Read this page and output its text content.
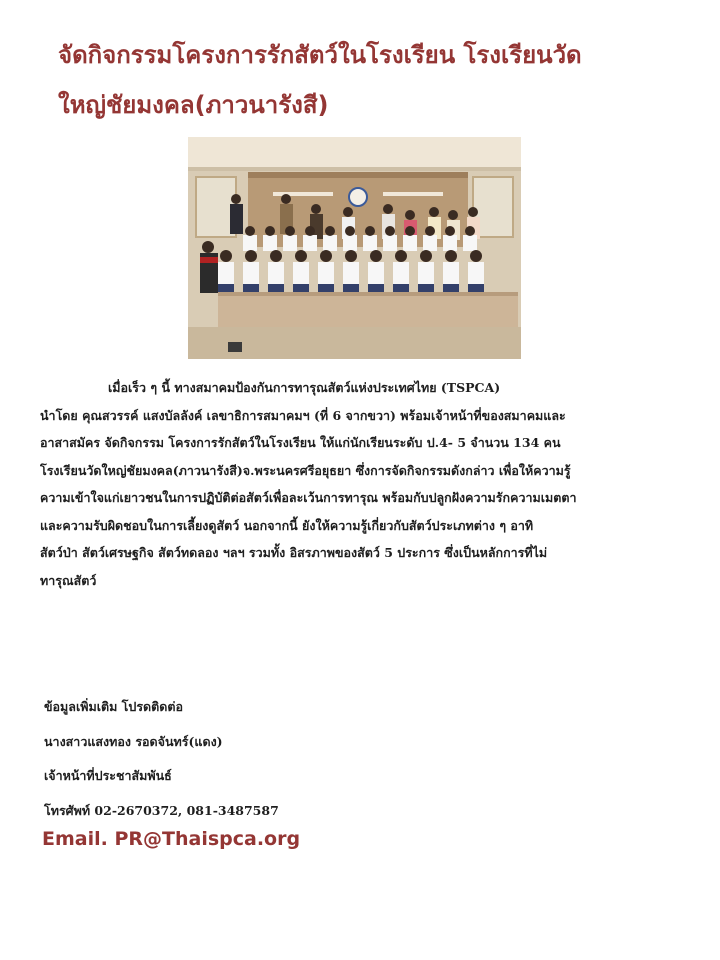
จัดกิจกรรมโครงการรักสัตว์ในโรงเรียน โรงเรียนวัด
ใหญ่ชัยมงคล(ภาวนารังสี)
เมื่อเร็ว ๆ นี้ ทางสมาคมป้องกันการทารุณสัตว์แห่งประเทศไทย (TSPCA)
นำโดย คุณสวรรค์ แสงบัลลังค์ เลขาธิการสมาคมฯ (ที่ 6 จากขวา) พร้อมเจ้าหน้าที่ของสมาคมและ
อาสาสมัคร จัดกิจกรรม โครงการรักสัตว์ในโรงเรียน ให้แก่นักเรียนระดับ ป.4- 5 จำนวน 134 คน
โรงเรียนวัดใหญ่ชัยมงคล(ภาวนารังสี)จ.พระนครศรีอยุธยา ซึ่งการจัดกิจกรรมดังกล่าว เพื่อให้ความรู้
ความเข้าใจแก่เยาวชนในการปฏิบัติต่อสัตว์เพื่อละเว้นการทารุณ พร้อมกับปลูกฝังความรักความเมตตา
และความรับผิดชอบในการเลี้ยงดูสัตว์ นอกจากนี้ ยังให้ความรู้เกี่ยวกับสัตว์ประเภทต่าง ๆ อาทิ
สัตว์ป่า สัตว์เศรษฐกิจ สัตว์ทดลอง ฯลฯ รวมทั้ง อิสรภาพของสัตว์ 5 ประการ ซึ่งเป็นหลักการที่ไม่
ทารุณสัตว์
ข้อมูลเพิ่มเติม โปรดติดต่อ
นางสาวแสงทอง รอดจันทร์(แดง)
เจ้าหน้าที่ประชาสัมพันธ์
โทรศัพท์ 02-2670372, 081-3487587
Email. PR@Thaispca.org
